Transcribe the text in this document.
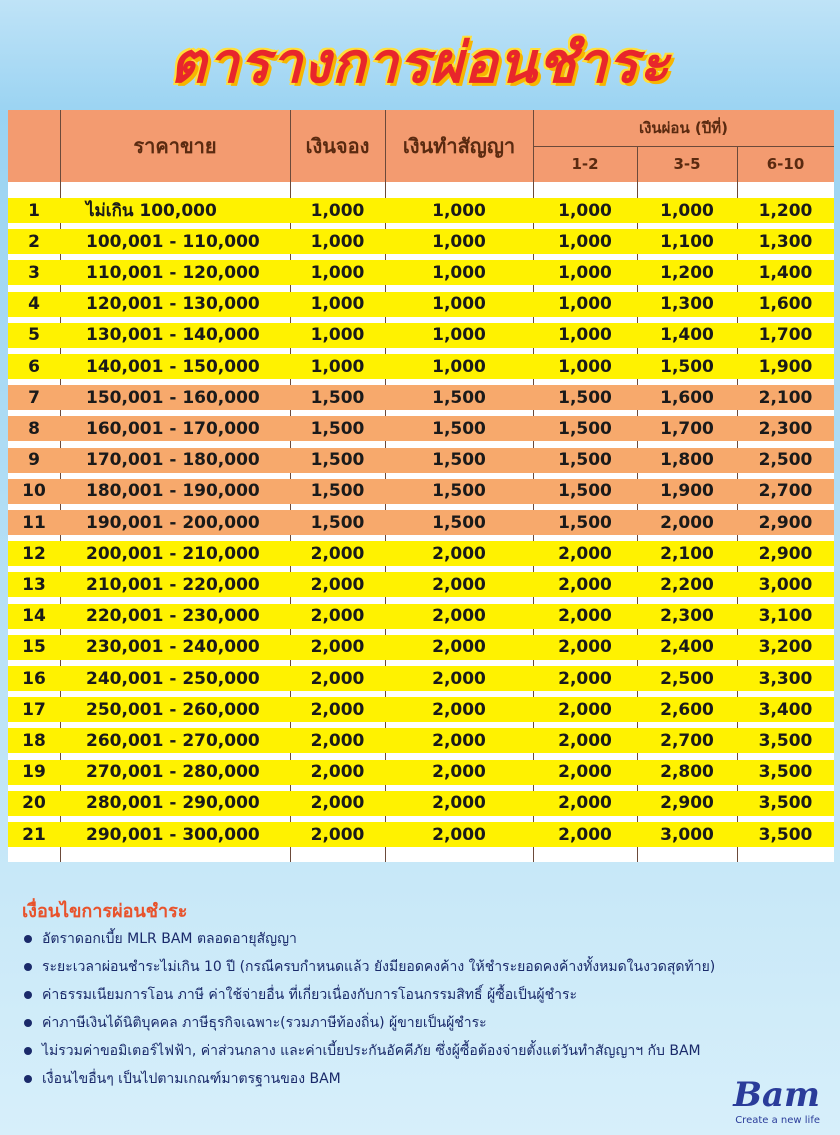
ตารางการผ่อนชำระ
ราคาขาย	เงินจอง	เงินทำสัญญา
เงินผ่อน (ปีที่)
1-2	3-5	6-10
1	ไม่เกิน 100,000	1,000	1,000	1,000	1,000	1,200
2	100,001 - 110,000	1,000	1,000	1,000	1,100	1,300
3	110,001 - 120,000	1,000	1,000	1,000	1,200	1,400
4	120,001 - 130,000	1,000	1,000	1,000	1,300	1,600
5	130,001 - 140,000	1,000	1,000	1,000	1,400	1,700
6	140,001 - 150,000	1,000	1,000	1,000	1,500	1,900
7	150,001 - 160,000	1,500	1,500	1,500	1,600	2,100
8	160,001 - 170,000	1,500	1,500	1,500	1,700	2,300
9	170,001 - 180,000	1,500	1,500	1,500	1,800	2,500
10	180,001 - 190,000	1,500	1,500	1,500	1,900	2,700
11	190,001 - 200,000	1,500	1,500	1,500	2,000	2,900
12	200,001 - 210,000	2,000	2,000	2,000	2,100	2,900
13	210,001 - 220,000	2,000	2,000	2,000	2,200	3,000
14	220,001 - 230,000	2,000	2,000	2,000	2,300	3,100
15	230,001 - 240,000	2,000	2,000	2,000	2,400	3,200
16	240,001 - 250,000	2,000	2,000	2,000	2,500	3,300
17	250,001 - 260,000	2,000	2,000	2,000	2,600	3,400
18	260,001 - 270,000	2,000	2,000	2,000	2,700	3,500
19	270,001 - 280,000	2,000	2,000	2,000	2,800	3,500
20	280,001 - 290,000	2,000	2,000	2,000	2,900	3,500
21	290,001 - 300,000	2,000	2,000	2,000	3,000	3,500
เงื่อนไขการผ่อนชำระ
อัตราดอกเบี้ย MLR BAM ตลอดอายุสัญญา
ระยะเวลาผ่อนชำระไม่เกิน 10 ปี (กรณีครบกำหนดแล้ว ยังมียอดคงค้าง ให้ชำระยอดคงค้างทั้งหมดในงวดสุดท้าย)
ค่าธรรมเนียมการโอน ภาษี ค่าใช้จ่ายอื่น ที่เกี่ยวเนื่องกับการโอนกรรมสิทธิ์ ผู้ซื้อเป็นผู้ชำระ
ค่าภาษีเงินได้นิติบุคคล ภาษีธุรกิจเฉพาะ(รวมภาษีท้องถิ่น) ผู้ขายเป็นผู้ชำระ
ไม่รวมค่าขอมิเตอร์ไฟฟ้า, ค่าส่วนกลาง และค่าเบี้ยประกันอัคคีภัย ซึ่งผู้ซื้อต้องจ่ายตั้งแต่วันทำสัญญาฯ กับ BAM
เงื่อนไขอื่นๆ เป็นไปตามเกณฑ์มาตรฐานของ BAM	Bam
Create a new life
